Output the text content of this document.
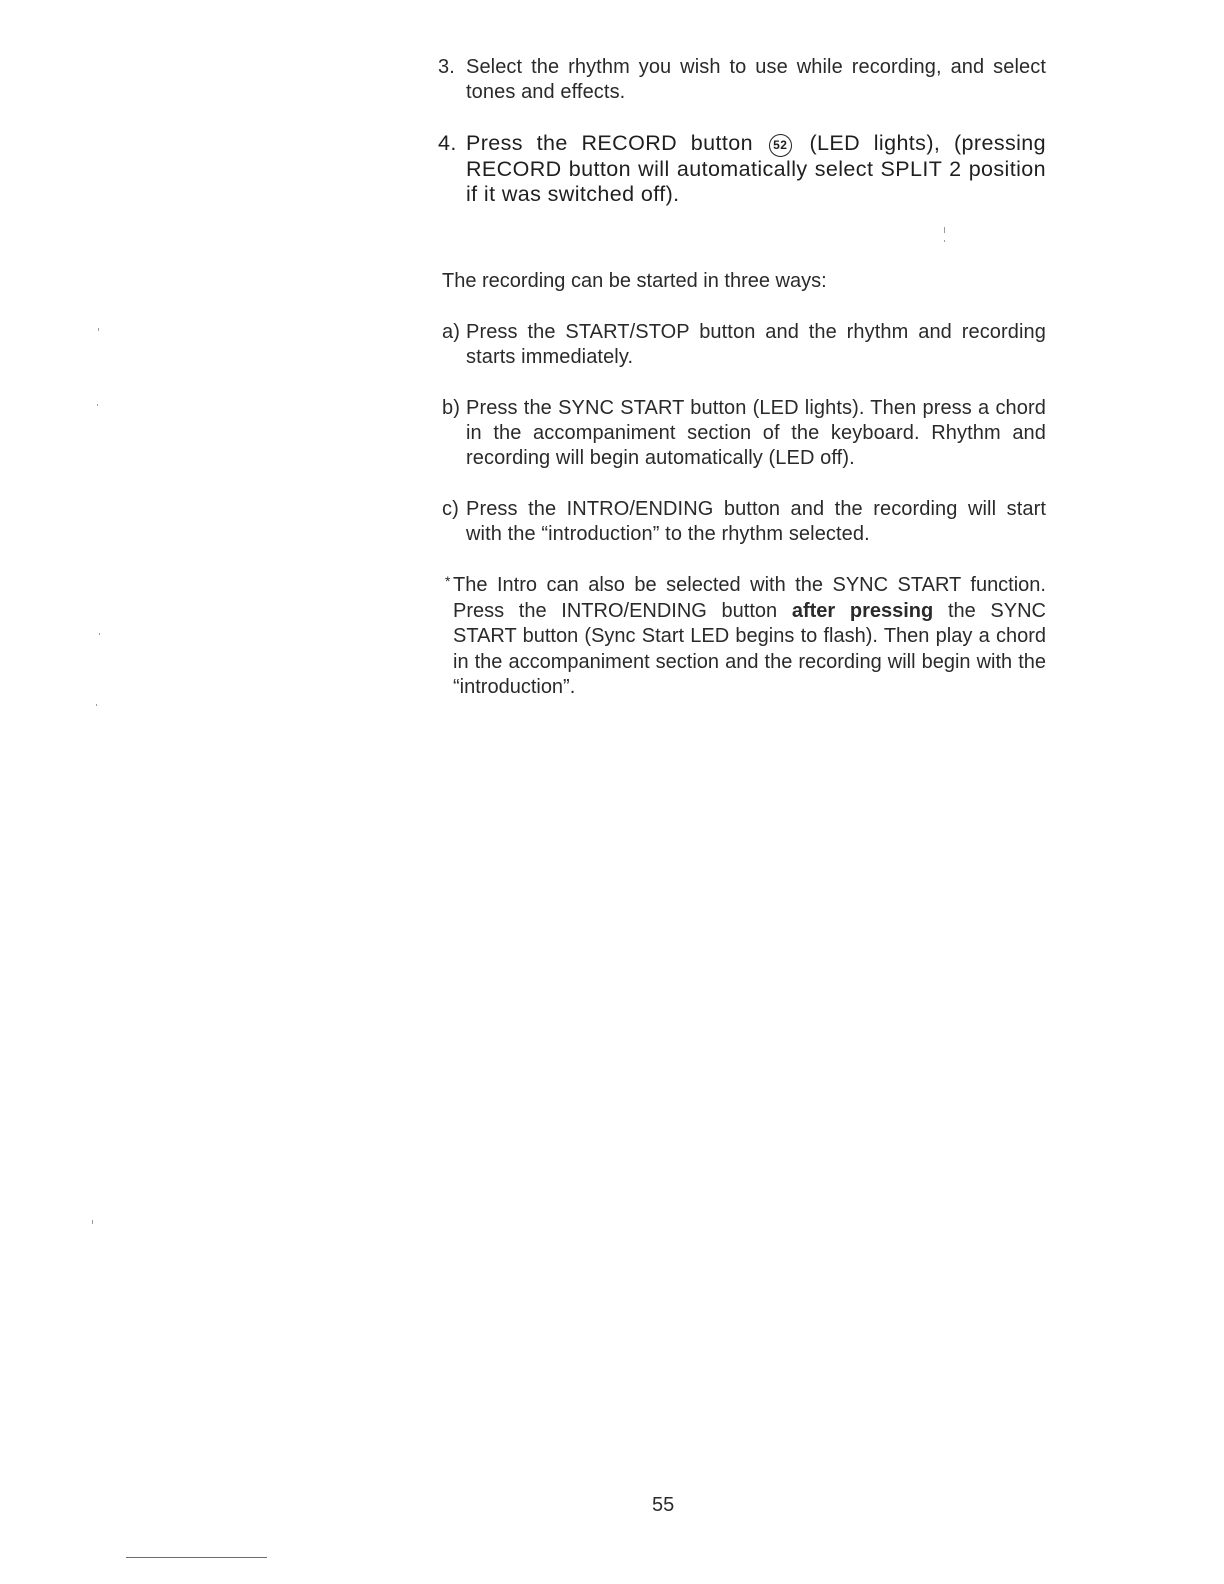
3. Select the rhythm you wish to use while recording, and select tones and effects.
4. Press the RECORD button 52 (LED lights), (pressing RECORD button will automatically select SPLIT 2 position if it was switched off).
The recording can be started in three ways:
a) Press the START/STOP button and the rhythm and recording starts immediately.
b) Press the SYNC START button (LED lights). Then press a chord in the accompaniment section of the keyboard. Rhythm and recording will begin automatically (LED off).
c) Press the INTRO/ENDING button and the recording will start with the “introduction” to the rhythm selected.
* The Intro can also be selected with the SYNC START function. Press the INTRO/ENDING button after pressing the SYNC START button (Sync Start LED begins to flash). Then play a chord in the accompaniment section and the recording will begin with the “introduction”.
55
